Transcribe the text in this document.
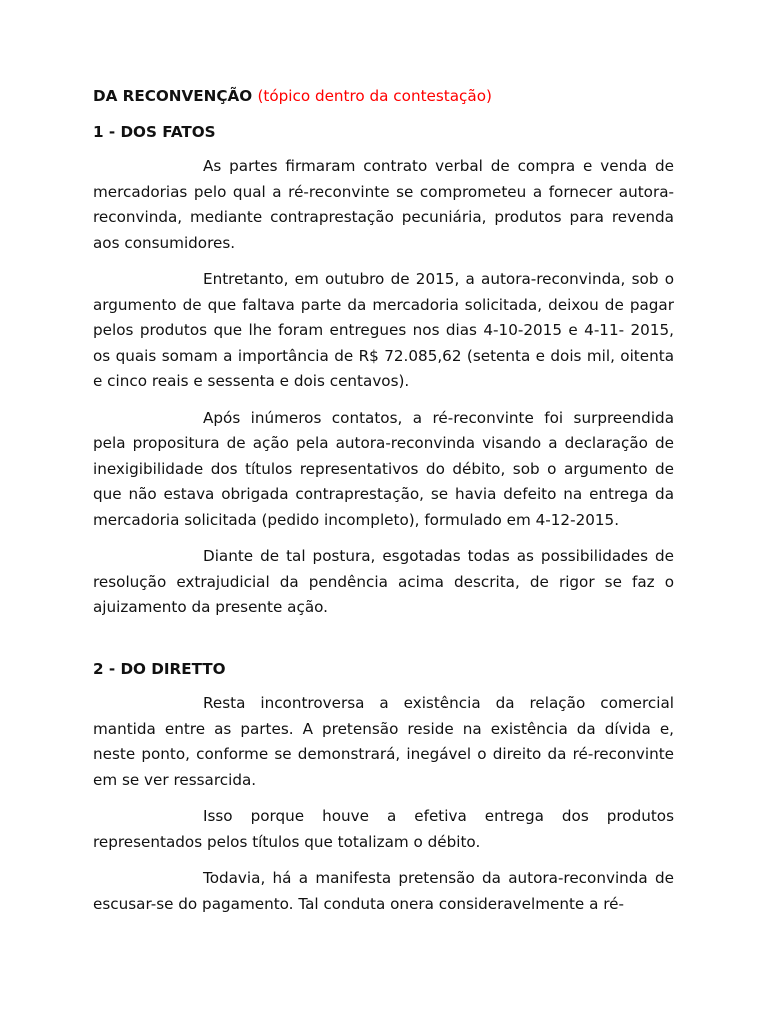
DA RECONVENÇÃO (tópico dentro da contestação)

1 - DOS FATOS

As partes firmaram contrato verbal de compra e venda de mercadorias pelo qual a ré-reconvinte se comprometeu a fornecer autora-reconvinda, mediante contraprestação pecuniária, produtos para revenda aos consumidores.

Entretanto, em outubro de 2015, a autora-reconvinda, sob o argumento de que faltava parte da mercadoria solicitada, deixou de pagar pelos produtos que lhe foram entregues nos dias 4-10-2015 e 4-11- 2015, os quais somam a importância de R$ 72.085,62 (setenta e dois mil, oitenta e cinco reais e sessenta e dois centavos).

Após inúmeros contatos, a ré-reconvinte foi surpreendida pela propositura de ação pela autora-reconvinda visando a declaração de inexigibilidade dos títulos representativos do débito, sob o argumento de que não estava obrigada contraprestação, se havia defeito na entrega da mercadoria solicitada (pedido incompleto), formulado em 4-12-2015.

Diante de tal postura, esgotadas todas as possibilidades de resolução extrajudicial da pendência acima descrita, de rigor se faz o ajuizamento da presente ação.

2 - DO DIRETTO

Resta incontroversa a existência da relação comercial mantida entre as partes. A pretensão reside na existência da dívida e, neste ponto, conforme se demonstrará, inegável o direito da ré-reconvinte em se ver ressarcida.

Isso porque houve a efetiva entrega dos produtos representados pelos títulos que totalizam o débito.

Todavia, há a manifesta pretensão da autora-reconvinda de escusar-se do pagamento. Tal conduta onera consideravelmente a ré-
